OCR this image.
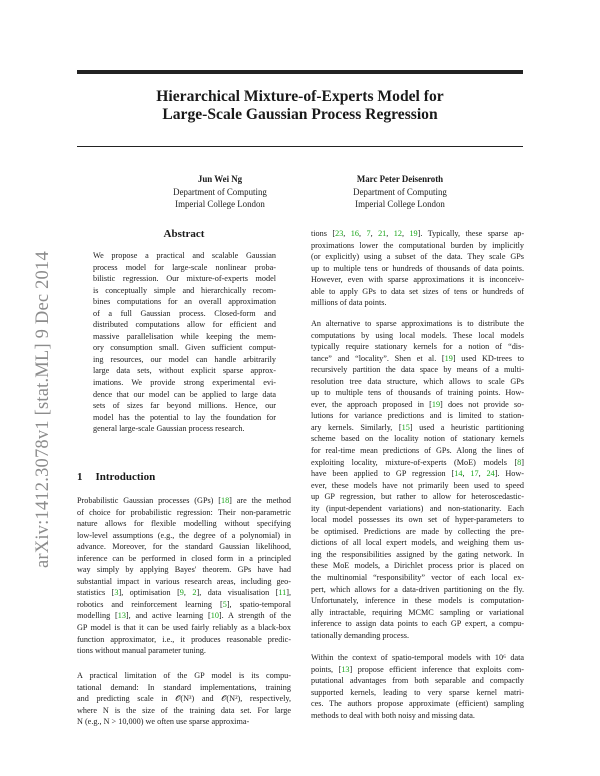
Hierarchical Mixture-of-Experts Model for
Large-Scale Gaussian Process Regression
Jun Wei Ng
Department of Computing
Imperial College London
Marc Peter Deisenroth
Department of Computing
Imperial College London
arXiv:1412.3078v1 [stat.ML] 9 Dec 2014
Abstract
We propose a practical and scalable Gaussian
process model for large-scale nonlinear proba-
bilistic regression. Our mixture-of-experts model
is conceptually simple and hierarchically recom-
bines computations for an overall approximation
of a full Gaussian process. Closed-form and
distributed computations allow for efficient and
massive parallelisation while keeping the mem-
ory consumption small. Given sufficient comput-
ing resources, our model can handle arbitrarily
large data sets, without explicit sparse approx-
imations. We provide strong experimental evi-
dence that our model can be applied to large data
sets of sizes far beyond millions. Hence, our
model has the potential to lay the foundation for
general large-scale Gaussian process research.
1 Introduction
Probabilistic Gaussian processes (GPs) [18] are the method
of choice for probabilistic regression: Their non-parametric
nature allows for flexible modelling without specifying
low-level assumptions (e.g., the degree of a polynomial) in
advance. Moreover, for the standard Gaussian likelihood,
inference can be performed in closed form in a principled
way simply by applying Bayes' theorem. GPs have had
substantial impact in various research areas, including geo-
statistics [3], optimisation [9, 2], data visualisation [11],
robotics and reinforcement learning [5], spatio-temporal
modelling [13], and active learning [10]. A strength of the
GP model is that it can be used fairly reliably as a black-box
function approximator, i.e., it produces reasonable predic-
tions without manual parameter tuning.
A practical limitation of the GP model is its compu-
tational demand: In standard implementations, training
and predicting scale in 𝒪(N³) and 𝒪(N²), respectively,
where N is the size of the training data set. For large
N (e.g., N > 10,000) we often use sparse approxima-
tions [23, 16, 7, 21, 12, 19]. Typically, these sparse ap-
proximations lower the computational burden by implicitly
(or explicitly) using a subset of the data. They scale GPs
up to multiple tens or hundreds of thousands of data points.
However, even with sparse approximations it is inconceiv-
able to apply GPs to data set sizes of tens or hundreds of
millions of data points.
An alternative to sparse approximations is to distribute the
computations by using local models. These local models
typically require stationary kernels for a notion of “dis-
tance” and “locality”. Shen et al. [19] used KD-trees to
recursively partition the data space by means of a multi-
resolution tree data structure, which allows to scale GPs
up to multiple tens of thousands of training points. How-
ever, the approach proposed in [19] does not provide so-
lutions for variance predictions and is limited to station-
ary kernels. Similarly, [15] used a heuristic partitioning
scheme based on the locality notion of stationary kernels
for real-time mean predictions of GPs. Along the lines of
exploiting locality, mixture-of-experts (MoE) models [8]
have been applied to GP regression [14, 17, 24]. How-
ever, these models have not primarily been used to speed
up GP regression, but rather to allow for heteroscedastic-
ity (input-dependent variations) and non-stationarity. Each
local model possesses its own set of hyper-parameters to
be optimised. Predictions are made by collecting the pre-
dictions of all local expert models, and weighing them us-
ing the responsibilities assigned by the gating network. In
these MoE models, a Dirichlet process prior is placed on
the multinomial “responsibility” vector of each local ex-
pert, which allows for a data-driven partitioning on the fly.
Unfortunately, inference in these models is computation-
ally intractable, requiring MCMC sampling or variational
inference to assign data points to each GP expert, a compu-
tationally demanding process.
Within the context of spatio-temporal models with 10⁶ data
points, [13] propose efficient inference that exploits com-
putational advantages from both separable and compactly
supported kernels, leading to very sparse kernel matri-
ces. The authors propose approximate (efficient) sampling
methods to deal with both noisy and missing data.
